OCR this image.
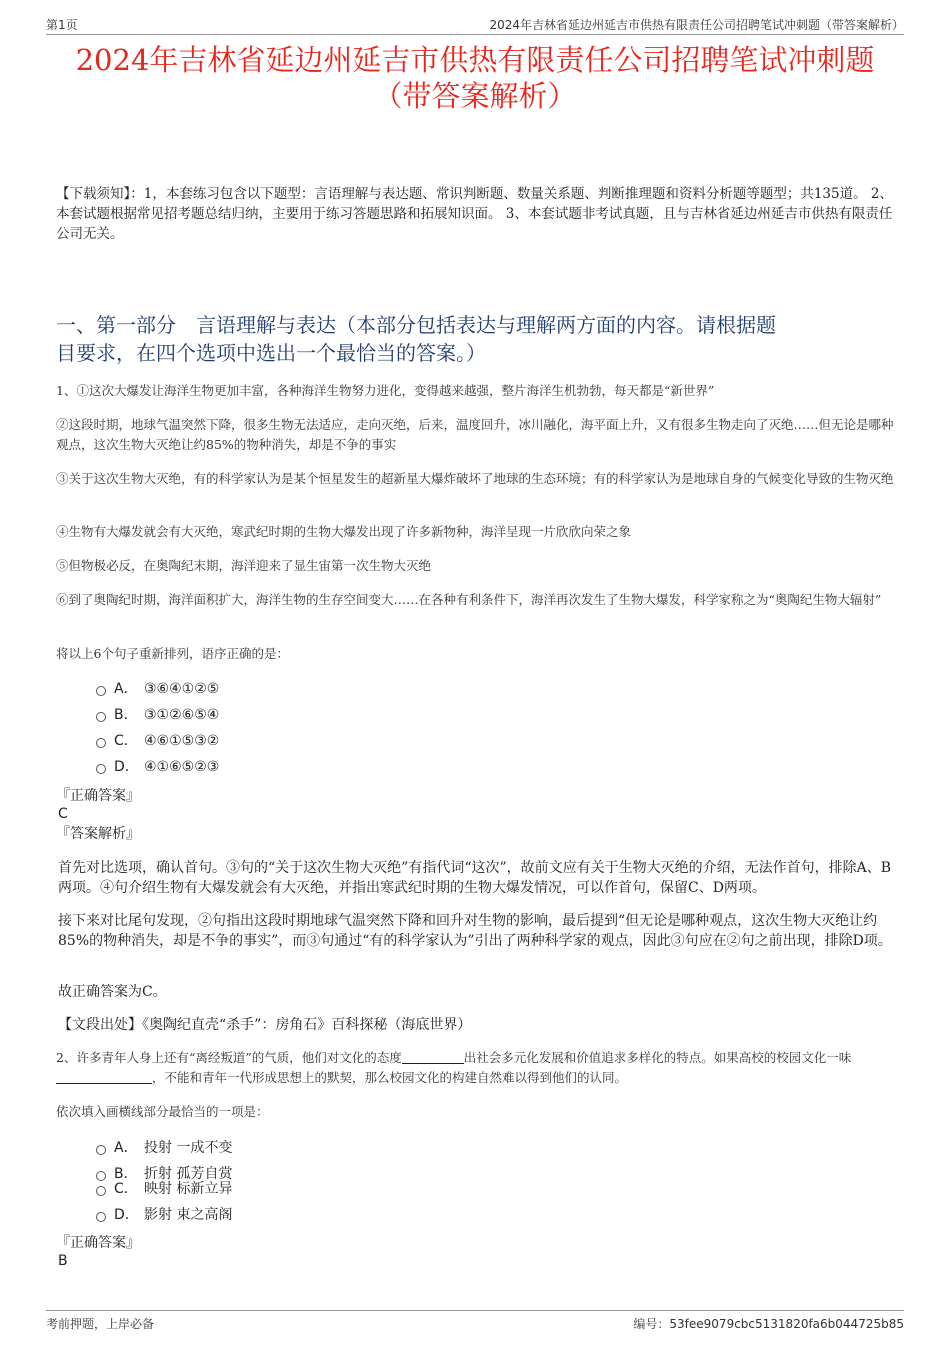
第1页	2024年吉林省延边州延吉市供热有限责任公司招聘笔试冲刺题（带答案解析）
2024年吉林省延边州延吉市供热有限责任公司招聘笔试冲刺题
（带答案解析）
【下载须知】：1，本套练习包含以下题型：言语理解与表达题、常识判断题、数量关系题、判断推理题和资料分析题等题型；共135道。 2、本套试题根据常见招考题总结归纳，主要用于练习答题思路和拓展知识面。 3、本套试题非考试真题，且与吉林省延边州延吉市供热有限责任公司无关。
一、第一部分　言语理解与表达（本部分包括表达与理解两方面的内容。请根据题
目要求，在四个选项中选出一个最恰当的答案。）
1、①这次大爆发让海洋生物更加丰富，各种海洋生物努力进化，变得越来越强，整片海洋生机勃勃，每天都是“新世界”
②这段时期，地球气温突然下降，很多生物无法适应，走向灭绝，后来，温度回升，冰川融化，海平面上升，又有很多生物走向了灭绝……但无论是哪种观点，这次生物大灭绝让约85%的物种消失，却是不争的事实
③关于这次生物大灭绝，有的科学家认为是某个恒星发生的超新星大爆炸破坏了地球的生态环境；有的科学家认为是地球自身的气候变化导致的生物灭绝
④生物有大爆发就会有大灭绝，寒武纪时期的生物大爆发出现了许多新物种，海洋呈现一片欣欣向荣之象
⑤但物极必反，在奥陶纪末期，海洋迎来了显生宙第一次生物大灭绝
⑥到了奥陶纪时期，海洋面积扩大，海洋生物的生存空间变大……在各种有利条件下，海洋再次发生了生物大爆发，科学家称之为“奥陶纪生物大辐射”
将以上6个句子重新排列，语序正确的是：
A． ③⑥④①②⑤
B． ③①②⑥⑤④
C． ④⑥①⑤③②
D． ④①⑥⑤②③
『正确答案』
C
『答案解析』
首先对比选项，确认首句。③句的“关于这次生物大灭绝”有指代词“这次”，故前文应有关于生物大灭绝的介绍，无法作首句，排除A、B两项。④句介绍生物有大爆发就会有大灭绝，并指出寒武纪时期的生物大爆发情况，可以作首句，保留C、D两项。
接下来对比尾句发现，②句指出这段时期地球气温突然下降和回升对生物的影响，最后提到“但无论是哪种观点，这次生物大灭绝让约85%的物种消失，却是不争的事实”，而③句通过“有的科学家认为”引出了两种科学家的观点，因此③句应在②句之前出现，排除D项。
故正确答案为C。
【文段出处】《奥陶纪直壳“杀手”：房角石》百科探秘（海底世界）
2、许多青年人身上还有“离经叛道”的气质，他们对文化的态度	出社会多元化发展和价值追求多样化的特点。如果高校的校园文化一味，不能和青年一代形成思想上的默契，那么校园文化的构建自然难以得到他们的认同。
依次填入画横线部分最恰当的一项是：
A． 投射 一成不变
B． 折射 孤芳自赏
C． 映射 标新立异
D． 影射 束之高阁
『正确答案』
B
考前押题，上岸必备	编号：53fee9079cbc5131820fa6b044725b85
